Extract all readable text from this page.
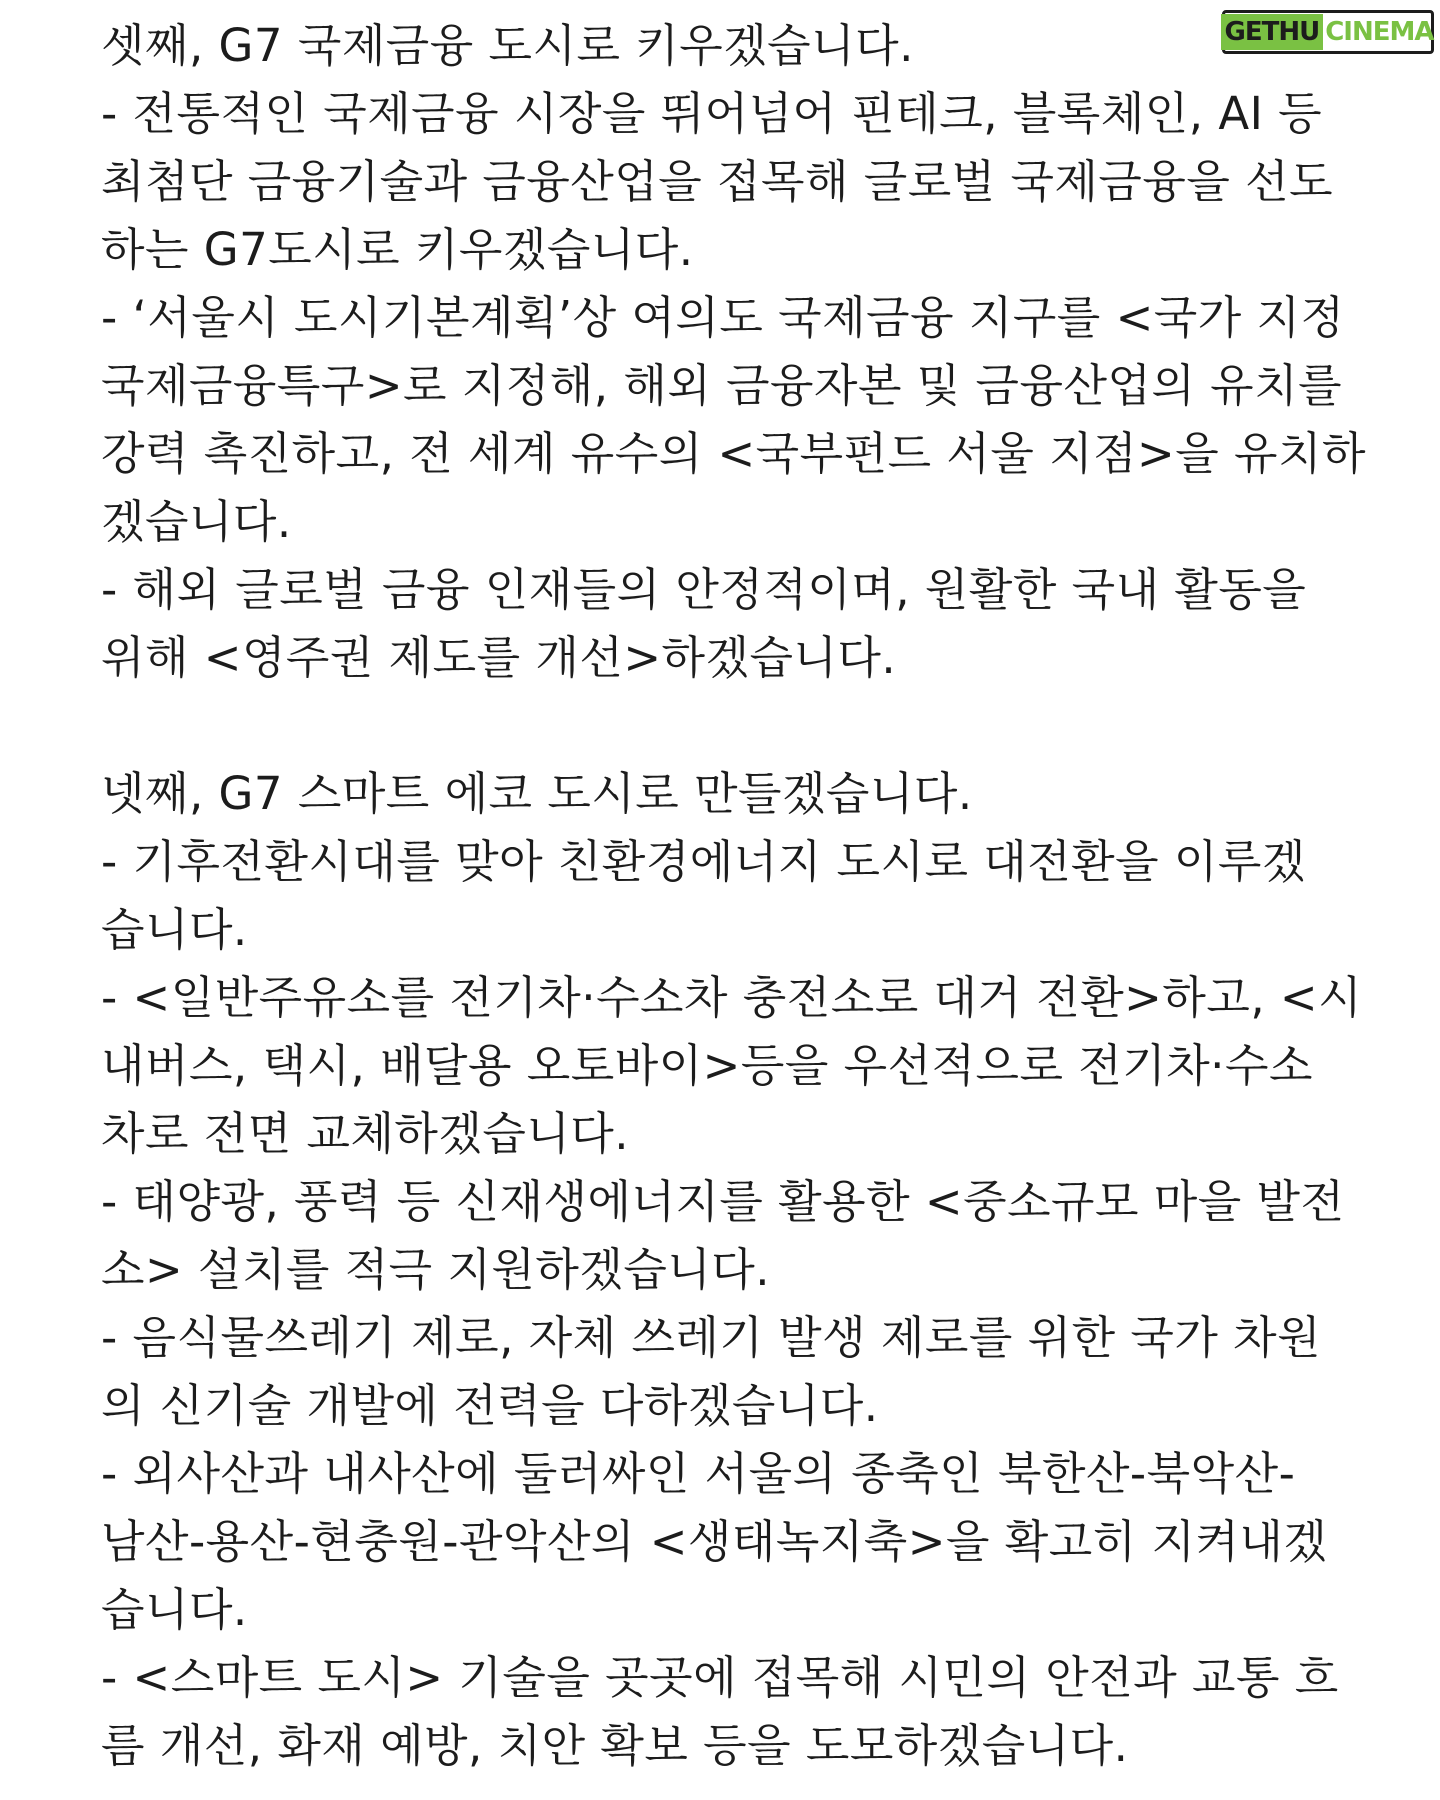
셋째, G7 국제금융 도시로 키우겠습니다.
- 전통적인 국제금융 시장을 뛰어넘어 핀테크, 블록체인, AI 등
최첨단 금융기술과 금융산업을 접목해 글로벌 국제금융을 선도
하는 G7도시로 키우겠습니다.
- ‘서울시 도시기본계획’상 여의도 국제금융 지구를 <국가 지정
국제금융특구>로 지정해, 해외 금융자본 및 금융산업의 유치를
강력 촉진하고, 전 세계 유수의 <국부펀드 서울 지점>을 유치하
겠습니다.
- 해외 글로벌 금융 인재들의 안정적이며, 원활한 국내 활동을
위해 <영주권 제도를 개선>하겠습니다.
넷째, G7 스마트 에코 도시로 만들겠습니다.
- 기후전환시대를 맞아 친환경에너지 도시로 대전환을 이루겠
습니다.
- <일반주유소를 전기차·수소차 충전소로 대거 전환>하고, <시
내버스, 택시, 배달용 오토바이>등을 우선적으로 전기차·수소
차로 전면 교체하겠습니다.
- 태양광, 풍력 등 신재생에너지를 활용한 <중소규모 마을 발전
소> 설치를 적극 지원하겠습니다.
- 음식물쓰레기 제로, 자체 쓰레기 발생 제로를 위한 국가 차원
의 신기술 개발에 전력을 다하겠습니다.
- 외사산과 내사산에 둘러싸인 서울의 종축인 북한산-북악산-
남산-용산-현충원-관악산의 <생태녹지축>을 확고히 지켜내겠
습니다.
- <스마트 도시> 기술을 곳곳에 접목해 시민의 안전과 교통 흐
름 개선, 화재 예방, 치안 확보 등을 도모하겠습니다.
GETHU CINEMA
